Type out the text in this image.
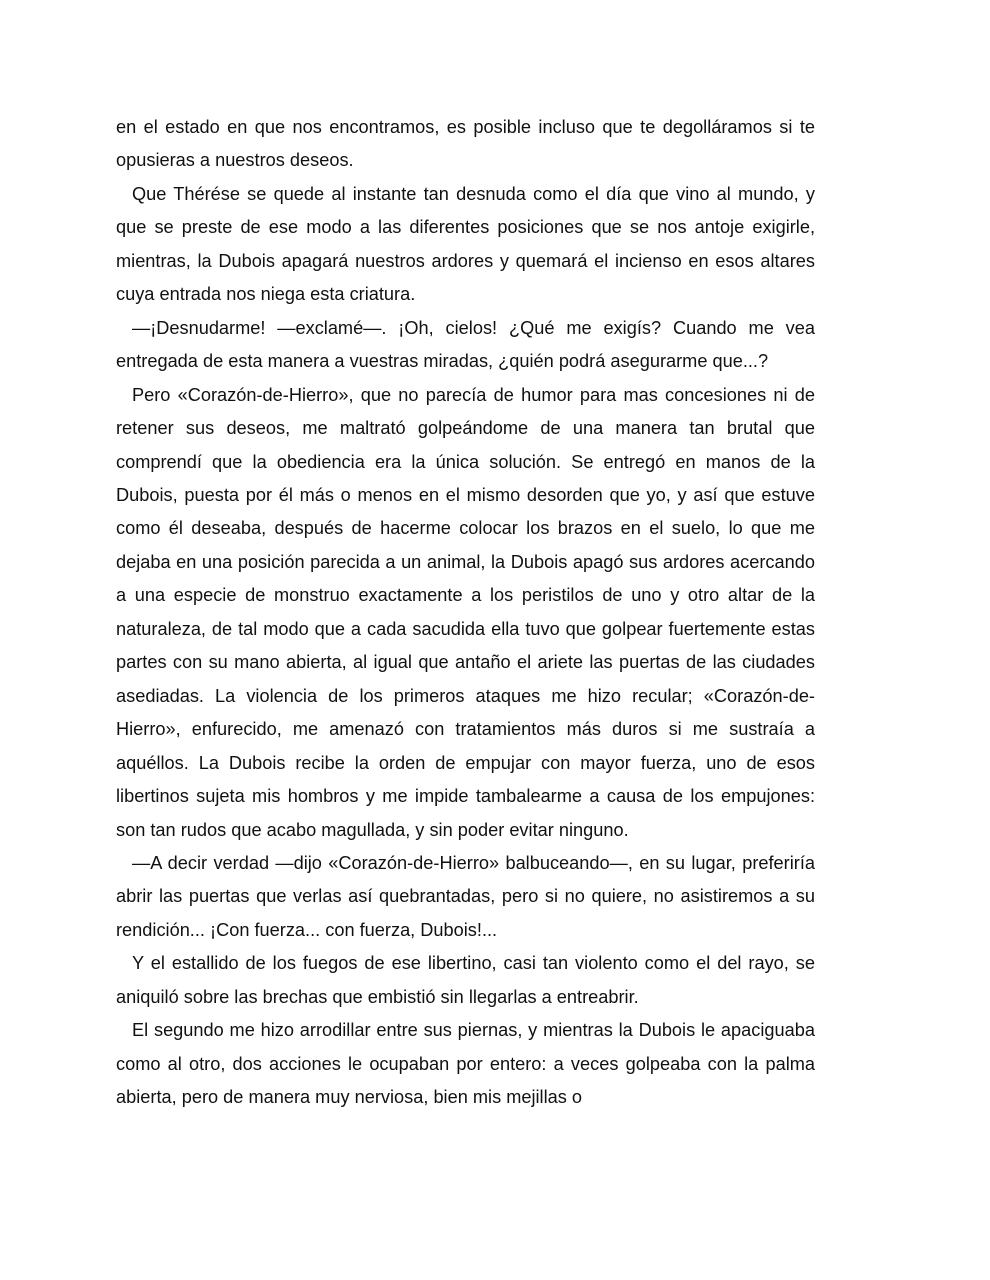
en el estado en que nos encontramos, es posible incluso que te degolláramos si te opusieras a nuestros deseos.

Que Thérése se quede al instante tan desnuda como el día que vino al mundo, y que se preste de ese modo a las diferentes posiciones que se nos antoje exigirle, mientras, la Dubois apagará nuestros ardores y quemará el incienso en esos altares cuya entrada nos niega esta criatura.

—¡Desnudarme! —exclamé—. ¡Oh, cielos! ¿Qué me exigís? Cuando me vea entregada de esta manera a vuestras miradas, ¿quién podrá asegurarme que...?

Pero «Corazón-de-Hierro», que no parecía de humor para mas concesiones ni de retener sus deseos, me maltrató golpeándome de una manera tan brutal que comprendí que la obediencia era la única solución. Se entregó en manos de la Dubois, puesta por él más o menos en el mismo desorden que yo, y así que estuve como él deseaba, después de hacerme colocar los brazos en el suelo, lo que me dejaba en una posición parecida a un animal, la Dubois apagó sus ardores acercando a una especie de monstruo exactamente a los peristilos de uno y otro altar de la naturaleza, de tal modo que a cada sacudida ella tuvo que golpear fuertemente estas partes con su mano abierta, al igual que antaño el ariete las puertas de las ciudades asediadas. La violencia de los primeros ataques me hizo recular; «Corazón-de-Hierro», enfurecido, me amenazó con tratamientos más duros si me sustraía a aquéllos. La Dubois recibe la orden de empujar con mayor fuerza, uno de esos libertinos sujeta mis hombros y me impide tambalearme a causa de los empujones: son tan rudos que acabo magullada, y sin poder evitar ninguno.

—A decir verdad —dijo «Corazón-de-Hierro» balbuceando—, en su lugar, preferiría abrir las puertas que verlas así quebrantadas, pero si no quiere, no asistiremos a su rendición... ¡Con fuerza... con fuerza, Dubois!...

Y el estallido de los fuegos de ese libertino, casi tan violento como el del rayo, se aniquiló sobre las brechas que embistió sin llegarlas a entreabrir.

El segundo me hizo arrodillar entre sus piernas, y mientras la Dubois le apaciguaba como al otro, dos acciones le ocupaban por entero: a veces golpeaba con la palma abierta, pero de manera muy nerviosa, bien mis mejillas o
